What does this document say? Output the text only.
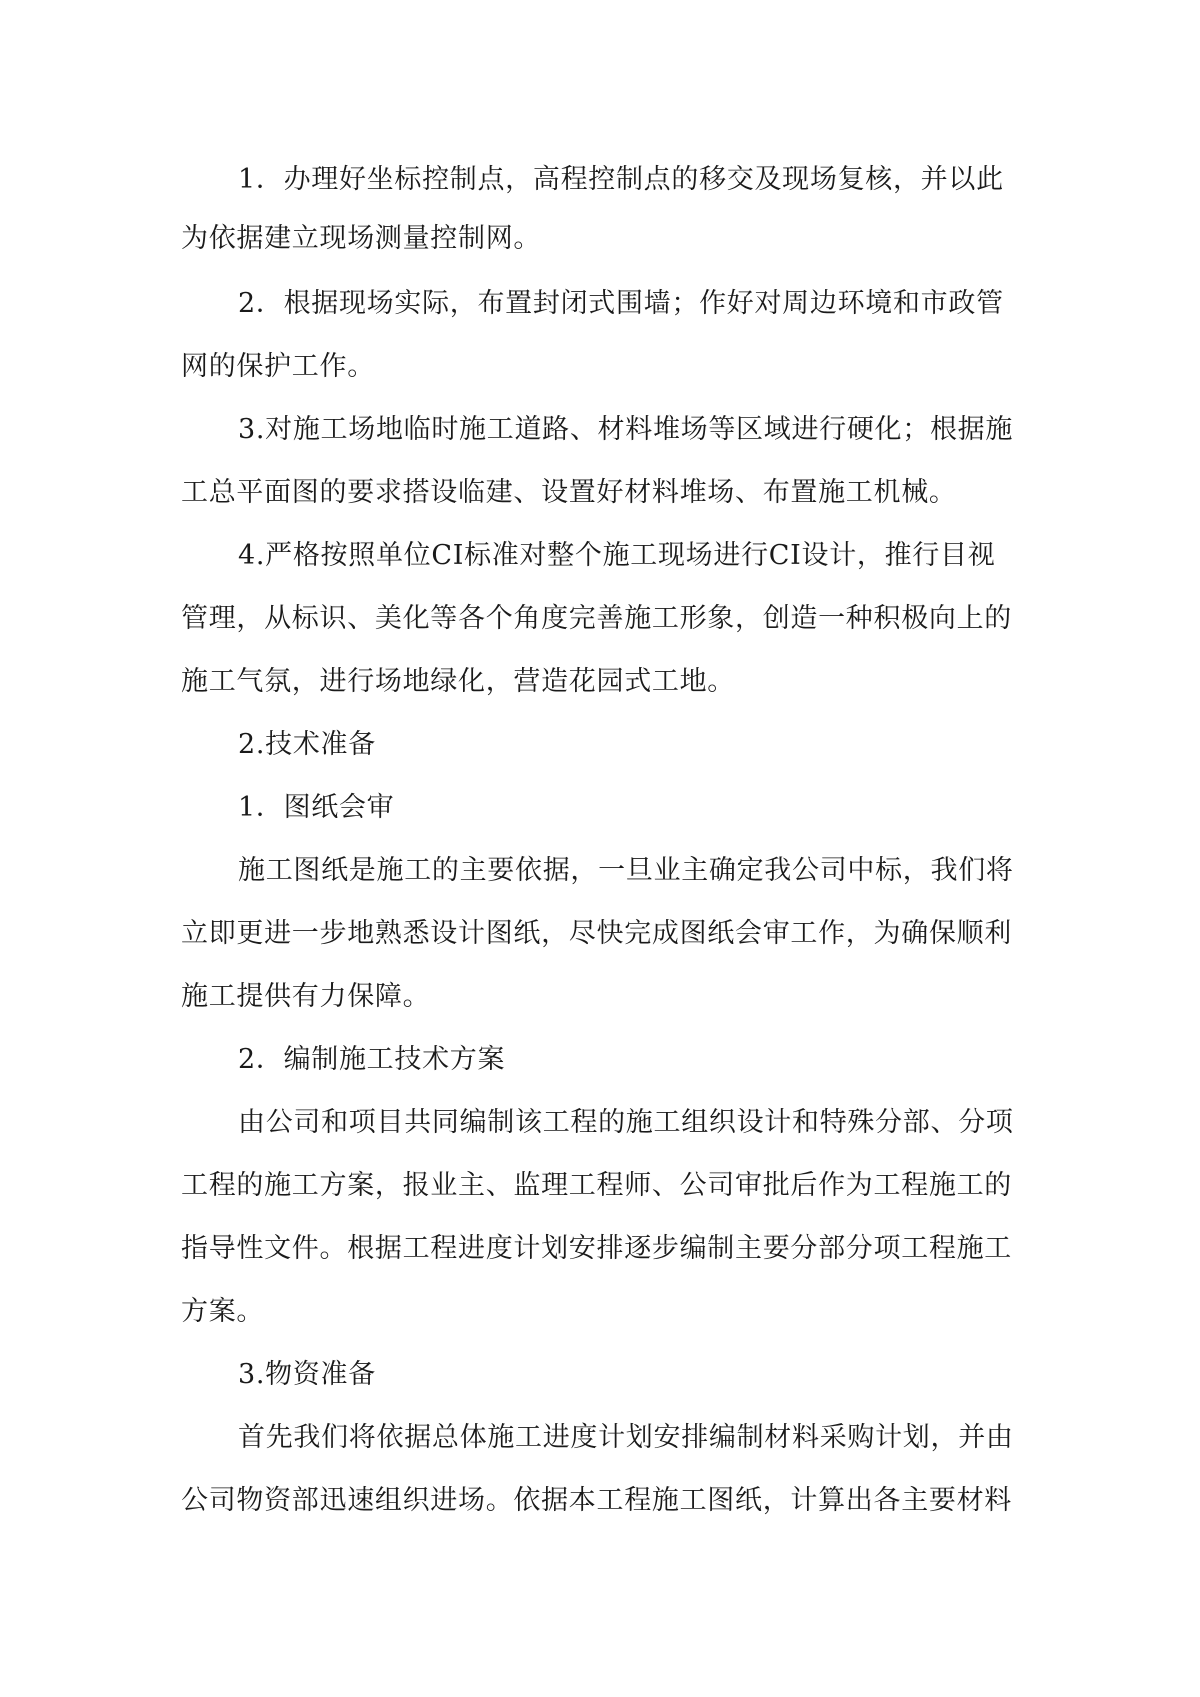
1．办理好坐标控制点，高程控制点的移交及现场复核，并以此
为依据建立现场测量控制网。
2．根据现场实际，布置封闭式围墙；作好对周边环境和市政管
网的保护工作。
3.对施工场地临时施工道路、材料堆场等区域进行硬化；根据施
工总平面图的要求搭设临建、设置好材料堆场、布置施工机械。
4.严格按照单位CI标准对整个施工现场进行CI设计，推行目视
管理，从标识、美化等各个角度完善施工形象，创造一种积极向上的
施工气氛，进行场地绿化，营造花园式工地。
2.技术准备
1．图纸会审
施工图纸是施工的主要依据，一旦业主确定我公司中标，我们将
立即更进一步地熟悉设计图纸，尽快完成图纸会审工作，为确保顺利
施工提供有力保障。
2．编制施工技术方案
由公司和项目共同编制该工程的施工组织设计和特殊分部、分项
工程的施工方案，报业主、监理工程师、公司审批后作为工程施工的
指导性文件。根据工程进度计划安排逐步编制主要分部分项工程施工
方案。
3.物资准备
首先我们将依据总体施工进度计划安排编制材料采购计划，并由
公司物资部迅速组织进场。依据本工程施工图纸，计算出各主要材料
